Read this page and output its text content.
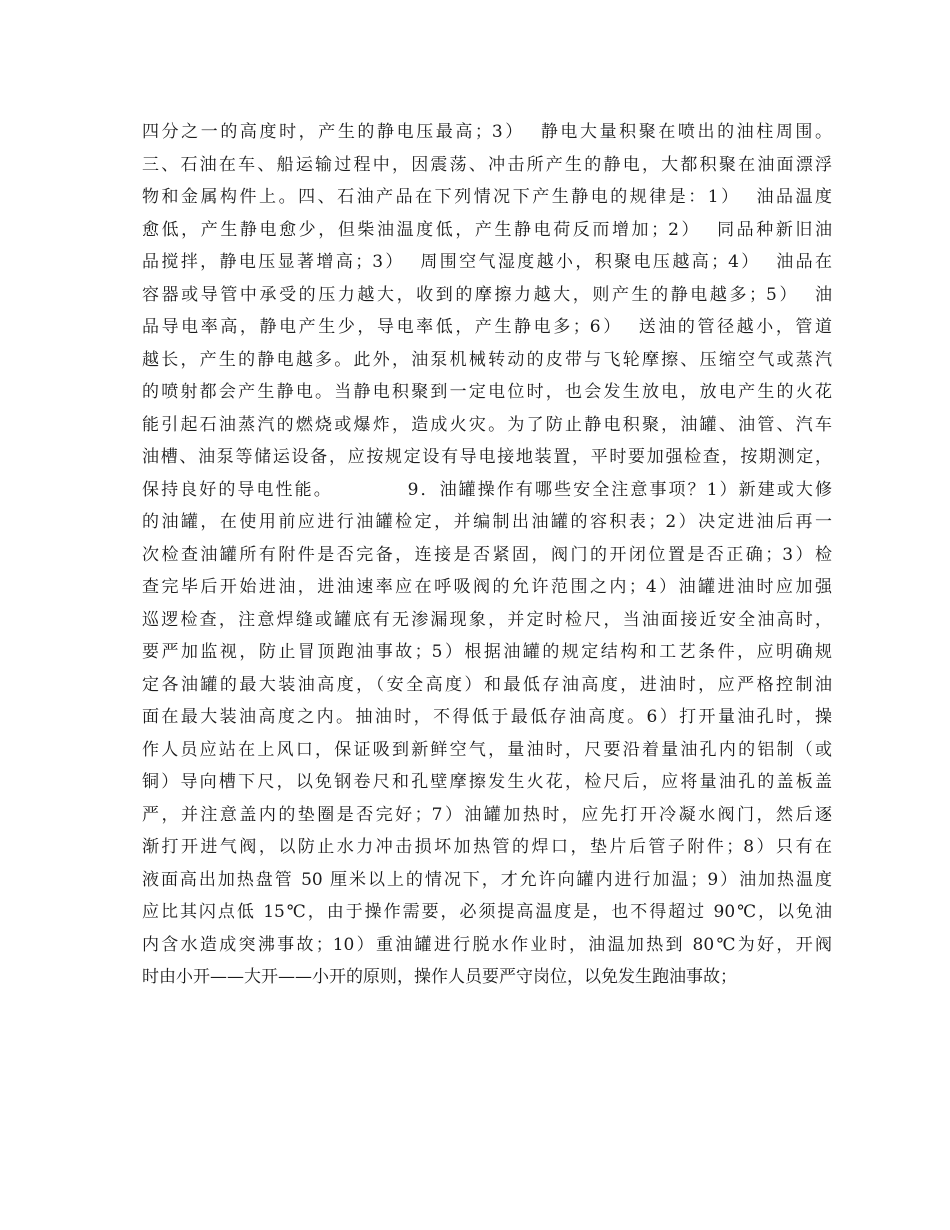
四分之一的高度时，产生的静电压最高；3）  静电大量积聚在喷出的油柱周围。
三、石油在车、船运输过程中，因震荡、冲击所产生的静电，大都积聚在油面漂浮
物和金属构件上。四、石油产品在下列情况下产生静电的规律是：1）  油品温度
愈低，产生静电愈少，但柴油温度低，产生静电荷反而增加；2）  同品种新旧油
品搅拌，静电压显著增高；3）  周围空气湿度越小，积聚电压越高；4）  油品在
容器或导管中承受的压力越大，收到的摩擦力越大，则产生的静电越多；5）  油
品导电率高，静电产生少，导电率低，产生静电多；6）  送油的管径越小，管道
越长，产生的静电越多。此外，油泵机械转动的皮带与飞轮摩擦、压缩空气或蒸汽
的喷射都会产生静电。当静电积聚到一定电位时，也会发生放电，放电产生的火花
能引起石油蒸汽的燃烧或爆炸，造成火灾。为了防止静电积聚，油罐、油管、汽车
油槽、油泵等储运设备，应按规定设有导电接地装置，平时要加强检查，按期测定，
保持良好的导电性能。          9．油罐操作有哪些安全注意事项？1）新建或大修
的油罐，在使用前应进行油罐检定，并编制出油罐的容积表；2）决定进油后再一
次检查油罐所有附件是否完备，连接是否紧固，阀门的开闭位置是否正确；3）检
查完毕后开始进油，进油速率应在呼吸阀的允许范围之内；4）油罐进油时应加强
巡逻检查，注意焊缝或罐底有无渗漏现象，并定时检尺，当油面接近安全油高时，
要严加监视，防止冒顶跑油事故；5）根据油罐的规定结构和工艺条件，应明确规
定各油罐的最大装油高度，（安全高度）和最低存油高度，进油时，应严格控制油
面在最大装油高度之内。抽油时，不得低于最低存油高度。6）打开量油孔时，操
作人员应站在上风口，保证吸到新鲜空气，量油时，尺要沿着量油孔内的铝制（或
铜）导向槽下尺，以免钢卷尺和孔壁摩擦发生火花，检尺后，应将量油孔的盖板盖
严，并注意盖内的垫圈是否完好；7）油罐加热时，应先打开冷凝水阀门，然后逐
渐打开进气阀，以防止水力冲击损坏加热管的焊口，垫片后管子附件；8）只有在
液面高出加热盘管 50 厘米以上的情况下，才允许向罐内进行加温；9）油加热温度
应比其闪点低 15℃，由于操作需要，必须提高温度是，也不得超过 90℃，以免油
内含水造成突沸事故；10）重油罐进行脱水作业时，油温加热到 80℃为好，开阀
时由小开——大开——小开的原则，操作人员要严守岗位，以免发生跑油事故；
